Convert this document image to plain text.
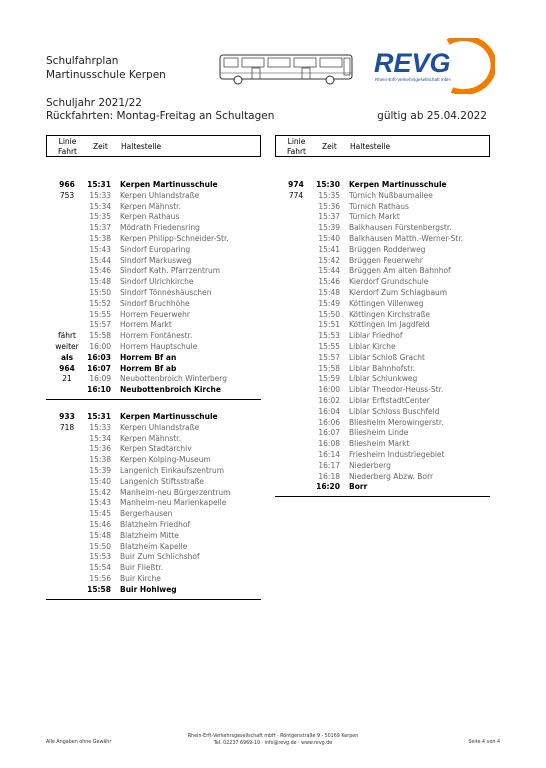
Schulfahrplan
Martinusschule Kerpen	REVG
Rhein-Erft-Verkehrsgesellschaft mbH
Schuljahr 2021/22
Rückfahrten: Montag-Freitag an Schultagen	gültig ab 25.04.2022
Linie
Fahrt
Zeit Haltestelle
Linie
Fahrt
Zeit Haltestelle
966	15:31 Kerpen Martinusschule
753	15:33 Kerpen Uhlandstraße
15:34 Kerpen Mähnstr.
15:35 Kerpen Rathaus
15:37 Mödrath Friedensring
15:38 Kerpen Philipp-Schneider-Str.
15:43 Sindorf Europaring
15:44 Sindorf Markusweg
15:46 Sindorf Kath. Pfarrzentrum
15:48 Sindorf Ulrichkirche
15:50 Sindorf Tönneshäuschen
15:52 Sindorf Bruchhöhe
15:55 Horrem Feuerwehr
15:57 Horrem Markt
fährt	15:58 Horrem Fontänestr.
weiter	16:00 Horrem Hauptschule
als	16:03 Horrem Bf an
964	16:07 Horrem Bf ab
21	16:09 Neubottenbroich Winterberg
16:10 Neubottenbroich Kirche
933	15:31 Kerpen Martinusschule
718	15:33 Kerpen Uhlandstraße
15:34 Kerpen Mähnstr.
15:36 Kerpen Stadtarchiv
15:38 Kerpen Kolping-Museum
15:39 Langenich Einkaufszentrum
15:40 Langenich Stiftsstraße
15:42 Manheim-neu Bürgerzentrum
15:43 Manheim-neu Marienkapelle
15:45 Bergerhausen
15:46 Blatzheim Friedhof
15:48 Blatzheim Mitte
15:50 Blatzheim Kapelle
15:53 Buir Zum Schlichshof
15:54 Buir Fließtr.
15:56 Buir Kirche
15:58 Buir Hohlweg
974	15:30 Kerpen Martinusschule
774	15:35 Türnich Nußbaumallee
15:36 Türnich Rathaus
15:37 Türnich Markt
15:39 Balkhausen Fürstenbergstr.
15:40 Balkhausen Matth.-Werner-Str.
15:41 Brüggen Rodderweg
15:42 Brüggen Feuerwehr
15:44 Brüggen Am alten Bahnhof
15:46 Kierdorf Grundschule
15:48 Kierdorf Zum Schlagbaum
15:49 Köttingen Villenweg
15:50 Köttingen Kirchstraße
15:51 Köttingen Im Jagdfeld
15:53 Liblar Friedhof
15:55 Liblar Kirche
15:57 Liblar Schloß Gracht
15:58 Liblar Bahnhofstr.
15:59 Liblar Schlunkweg
16:00 Liblar Theodor-Heuss-Str.
16:02 Liblar ErftstadtCenter
16:04 Liblar Schloss Buschfeld
16:06 Bliesheim Merowingerstr.
16:07 Bliesheim Linde
16:08 Bliesheim Markt
16:14 Friesheim Industriegebiet
16:17 Niederberg
16:18 Niederberg Abzw. Borr
16:20 Borr
Rhein-Erft-Verkehrsgesellschaft mbH · Röntgenstraße 9 · 50169 Kerpen
Tel. 02237 6969-10 · info@revg.de · www.revg.de
Alle Angaben ohne Gewähr	Seite 4 von 4
